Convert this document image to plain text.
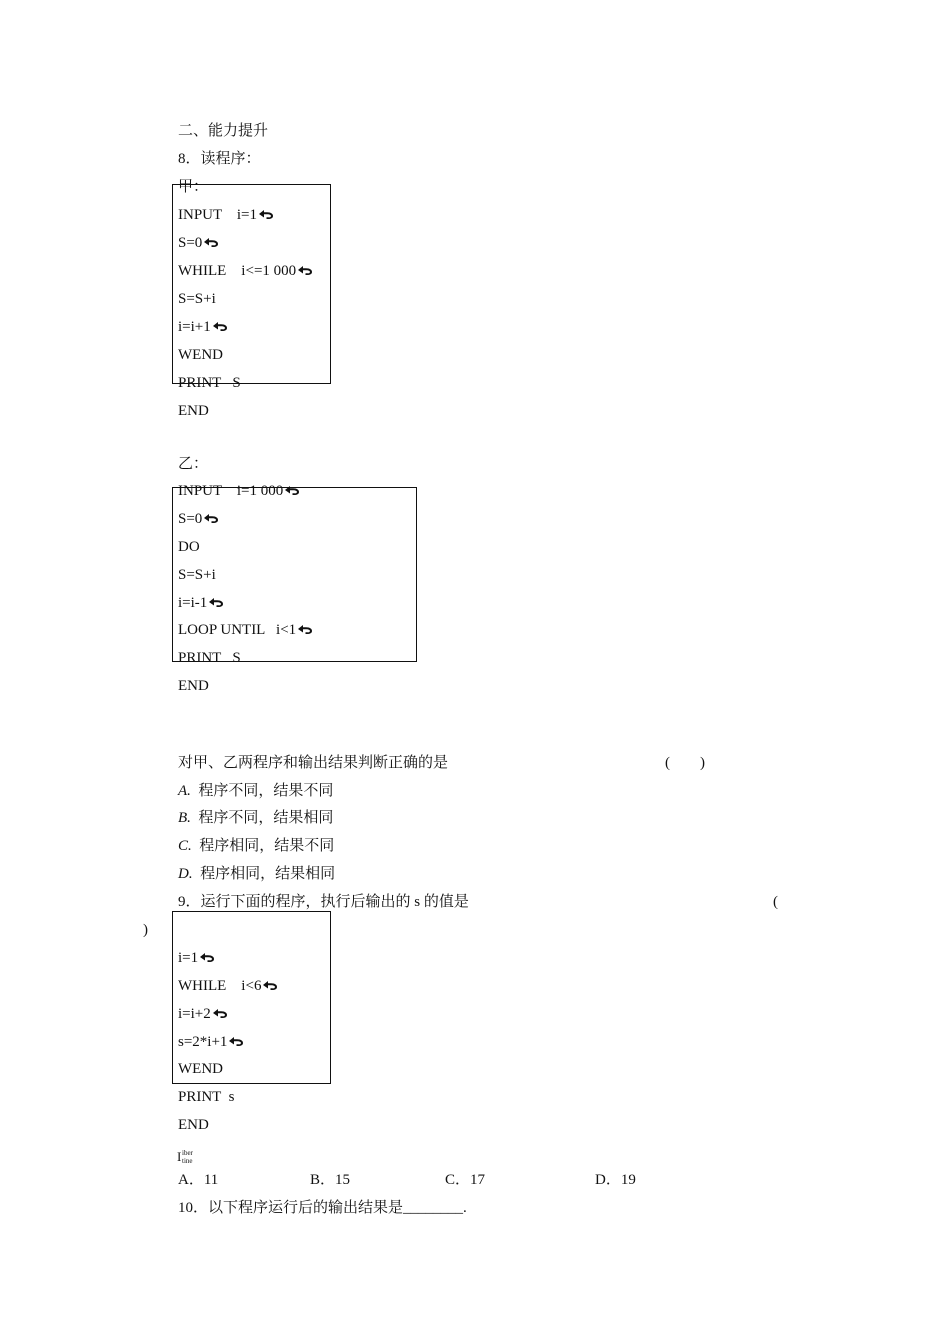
二、能力提升
8．读程序：
甲：
INPUT    i=1
S=0
WHILE    i<=1 000
S=S+i
i=i+1
WEND
PRINT   S
END
乙：
INPUT    i=1 000
S=0
DO
S=S+i
i=i-1
LOOP UNTIL   i<1
PRINT   S
END
对甲、乙两程序和输出结果判断正确的是	(　　)
A. 程序不同，结果不同
B. 程序不同，结果相同
C. 程序相同，结果不同
D. 程序相同，结果相同
9．运行下面的程序，执行后输出的 s 的值是	(
)
i=1
WHILE    i<6
i=i+2
s=2*i+1
WEND
PRINT  s
END
I iber
tine
A．11	B．15	C．17	D．19
10．以下程序运行后的输出结果是________.
